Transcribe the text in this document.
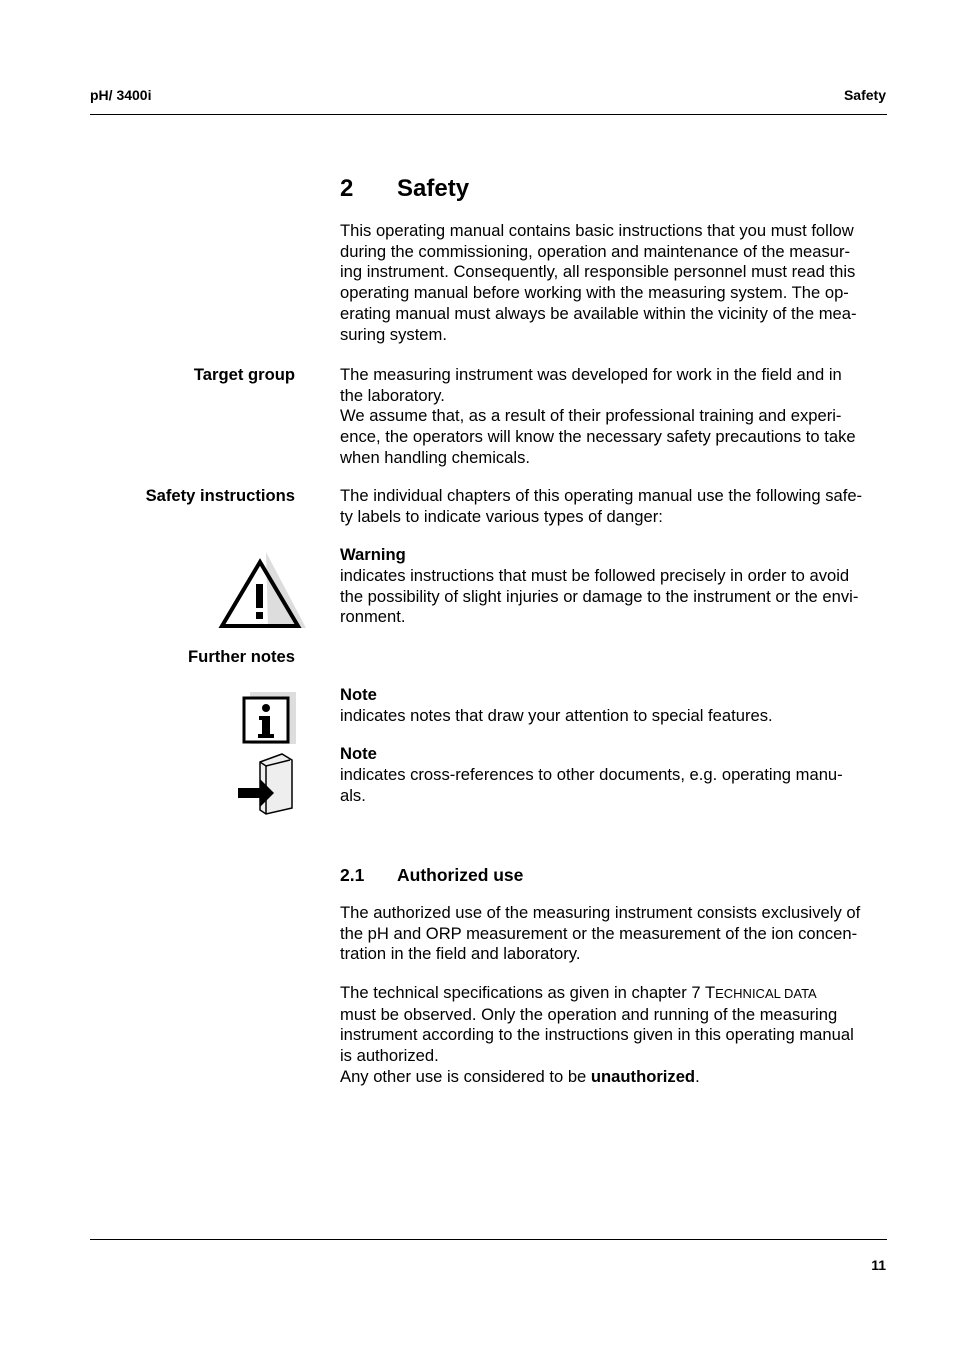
pH/ 3400i	Safety
2 Safety
This operating manual contains basic instructions that you must follow
during the commissioning, operation and maintenance of the measur-
ing instrument. Consequently, all responsible personnel must read this
operating manual before working with the measuring system. The op-
erating manual must always be available within the vicinity of the mea-
suring system.
Target group	The measuring instrument was developed for work in the field and in
the laboratory.
We assume that, as a result of their professional training and experi-
ence, the operators will know the necessary safety precautions to take
when handling chemicals.
Safety instructions	The individual chapters of this operating manual use the following safe-
ty labels to indicate various types of danger:
Warning
indicates instructions that must be followed precisely in order to avoid
the possibility of slight injuries or damage to the instrument or the envi-
ronment.
Further notes
Note
indicates notes that draw your attention to special features.
Note
indicates cross-references to other documents, e.g. operating manu-
als.
2.1 Authorized use
The authorized use of the measuring instrument consists exclusively of
the pH and ORP measurement or the measurement of the ion concen-
tration in the field and laboratory.
The technical specifications as given in chapter 7 TECHNICAL DATA
must be observed. Only the operation and running of the measuring
instrument according to the instructions given in this operating manual
is authorized.
Any other use is considered to be unauthorized.
11
